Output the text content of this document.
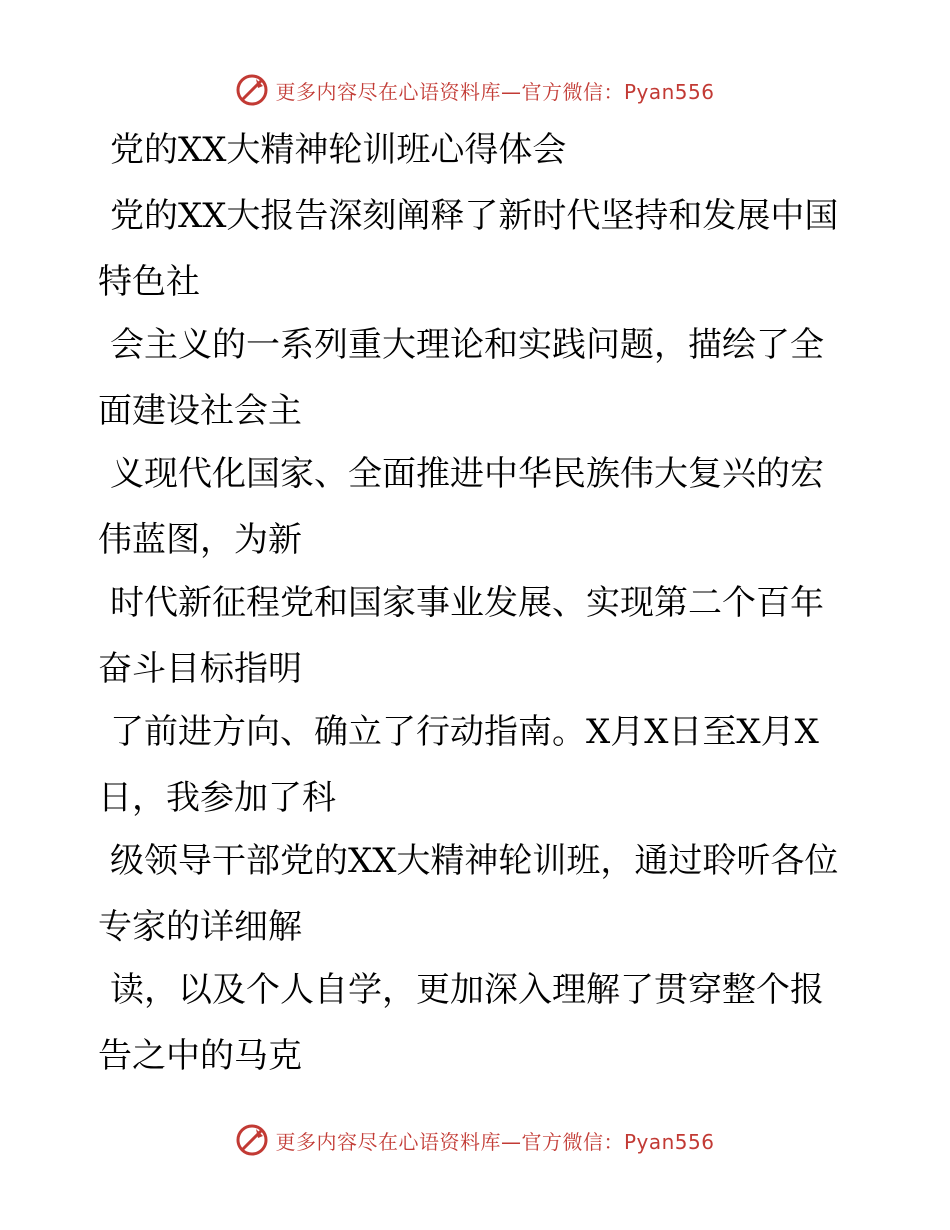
更多内容尽在心语资料库—官方微信：Pyan556
党的XX大精神轮训班心得体会
党的XX大报告深刻阐释了新时代坚持和发展中国
特色社
会主义的一系列重大理论和实践问题，描绘了全
面建设社会主
义现代化国家、全面推进中华民族伟大复兴的宏
伟蓝图，为新
时代新征程党和国家事业发展、实现第二个百年
奋斗目标指明
了前进方向、确立了行动指南。X月X日至X月X
日，我参加了科
级领导干部党的XX大精神轮训班，通过聆听各位
专家的详细解
读，以及个人自学，更加深入理解了贯穿整个报
告之中的马克
更多内容尽在心语资料库—官方微信：Pyan556
